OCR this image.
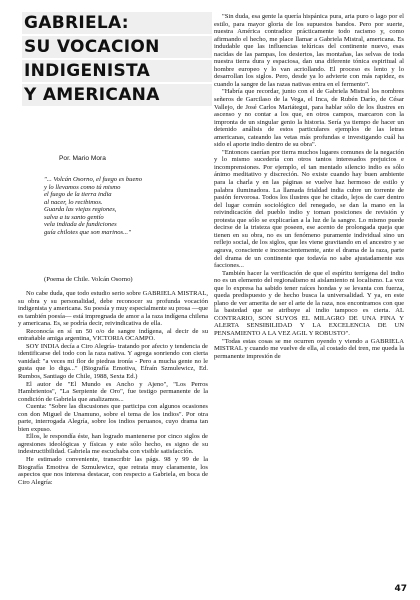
GABRIELA:
SU VOCACION
INDIGENISTA
Y AMERICANA
Por. Mario Mora
"... Volcán Osorno, el fuego es bueno
y lo llevamos como tú mismo
el fuego de la tierra india
al nacer, lo recibimos.
Guarda las viejas regiones,
salva a tu santo gentío
vela indiada de fundiciones
guía chilotes que son marinos..."
(Poema de Chile. Volcán Osorno)

No cabe duda, que todo estudio serio sobre GABRIELA MISTRAL, su obra y su personalidad, debe reconocer su profunda vocación indigenista y americana. Su poesía y muy especialmente su prosa —que es también poesía— está impregnada de amor a la raza indígena chilena y americana. Es, se podría decir, reivindicativa de ella.

Reconocía en sí un 50 o/o de sangre indígena, al decir de su entrañable amiga argentina, VICTORIA OCAMPO.

SOY INDIA decía a Ciro Alegría- tratando por afecto y tendencia de identificarse del todo con la raza nativa. Y agrega sonriendo con cierta vanidad: "a veces mi flor de piedras ironía - Pero a mucha gente no le gusta que lo diga..." (Biografía Emotiva, Efraín Szmulewicz, Ed. Rumbos, Santiago de Chile, 1988, Sexta Ed.)

El autor de "El Mundo es Ancho y Ajeno", "Los Perros Hambrientos", "La Serpiente de Oro", fue testigo permanente de la condición de Gabriela que analizamos...

Cuenta: "Sobre las discusiones que participa con algunos ocasiones con don Miguel de Unamuno, sobre el tema de los indios". Por otra parte, interrogada Alegría, sobre los indios peruanos, cuyo drama tan bien expuso.

Ellos, le respondía éste, han logrado mantenerse por cinco siglos de agresiones ideológicas y físicas y este sólo hecho, es signo de su indestructibilidad. Gabriela me escuchaba con visible satisfacción.

He estimado conveniente, transcribir las págs. 98 y 99 de la Biografía Emotiva de Szmulewicz, que retrata muy claramente, los aspectos que nos interesa destacar, con respecto a Gabriela, en boca de Ciro Alegría:

"Sin duda, esa gente la quería hispánica pura, aria puro o lago por el estilo, para mayor gloria de los supuestos bandos. Pero por suerte, nuestra América contradice prácticamente todo racismo y, como afirmando el hecho, me place llamar a Gabriela Mistral, americana. Es indudable que las influencias telúricas del continente nuevo, esas nacidas de las pampas, los desiertos, las montañas, las selvas de toda nuestra tierra dura y espaciosa, dan una diferente tónica espiritual al hombre europeo y lo van acriollando. El proceso es lento y lo desarrollan los siglos. Pero, desde ya lo advierte con más rapidez, es cuando la sangre de las razas nativas entra en el fermento".

"Habría que recordar, junto con el de Gabriela Mistral los nombres señeros de Garcilaso de la Vega, el Inca, de Rubén Darío, de César Vallejo, de José Carlos Mariátegui, para hablar sólo de los ilustres en ascenso y no contar a los que, en otros campos, marcaron con la impronta de un singular genio la historia. Sería ya tiempo de hacer un detenido análisis de estos particulares ejemplos de las letras americanas, cateando las vetas más profundas e investigando cuál ha sido el aporte indio dentro de su obra".

"Entonces caerían por tierra muchos lugares comunes de la negación y lo mismo sucedería con otros tantos interesados prejuicios e incomprensiones. Por ejemplo, el tan mentado silencio indio es sólo ánimo meditativo y discreción. No existe cuando hay buen ambiente para la charla y en las páginas se vuelve haz hermoso de estilo y palabra iluminadora. La llamada frialdad india cubre un torrente de pasión fervorosa. Todos los ilustres que he citado, lejos de caer dentro del lugar común sociológico del renegado, se dan la mano en la reivindicación del pueblo indio y toman posiciones de revisión y protesta que sólo se explicarían a la luz de la sangre. Lo mismo puede decirse de la tristeza que poseen, ese acento de prolongada queja que tienen en su obra, no es un fenómeno puramente individual sino un reflejo social, de los siglos, que les viene gravitando en el ancestro y se agrava, consciente e inconscientemente, ante el drama de la raza, parte del drama de un continente que todavía no sabe ajustadamente sus facciones...

También hacer la verificación de que el espíritu terrígena del indio no es un elemento del regionalismo ni aislamiento ni localismo. La voz que lo expresa ha sabido tener raíces hondas y se levanta con fuerza, queda predispuesto y de hecho busca la universalidad. Y ya, en este plano de ver amerita de ser el arte de la raza, nos encontramos con que la bastedad que se atribuye al indio tampoco es cierta. AL CONTRARIO, SON SUYOS EL MILAGRO DE UNA FINA Y ALERTA SENSIBILIDAD Y LA EXCELENCIA DE UN PENSAMIENTO A LA VEZ AGIL Y ROBUSTO".

"Todas estas cosas se me ocurren oyendo y viendo a GABRIELA MISTRAL y cuando me vuelve de ella, al costado del tren, me queda la permanente impresión de

47
